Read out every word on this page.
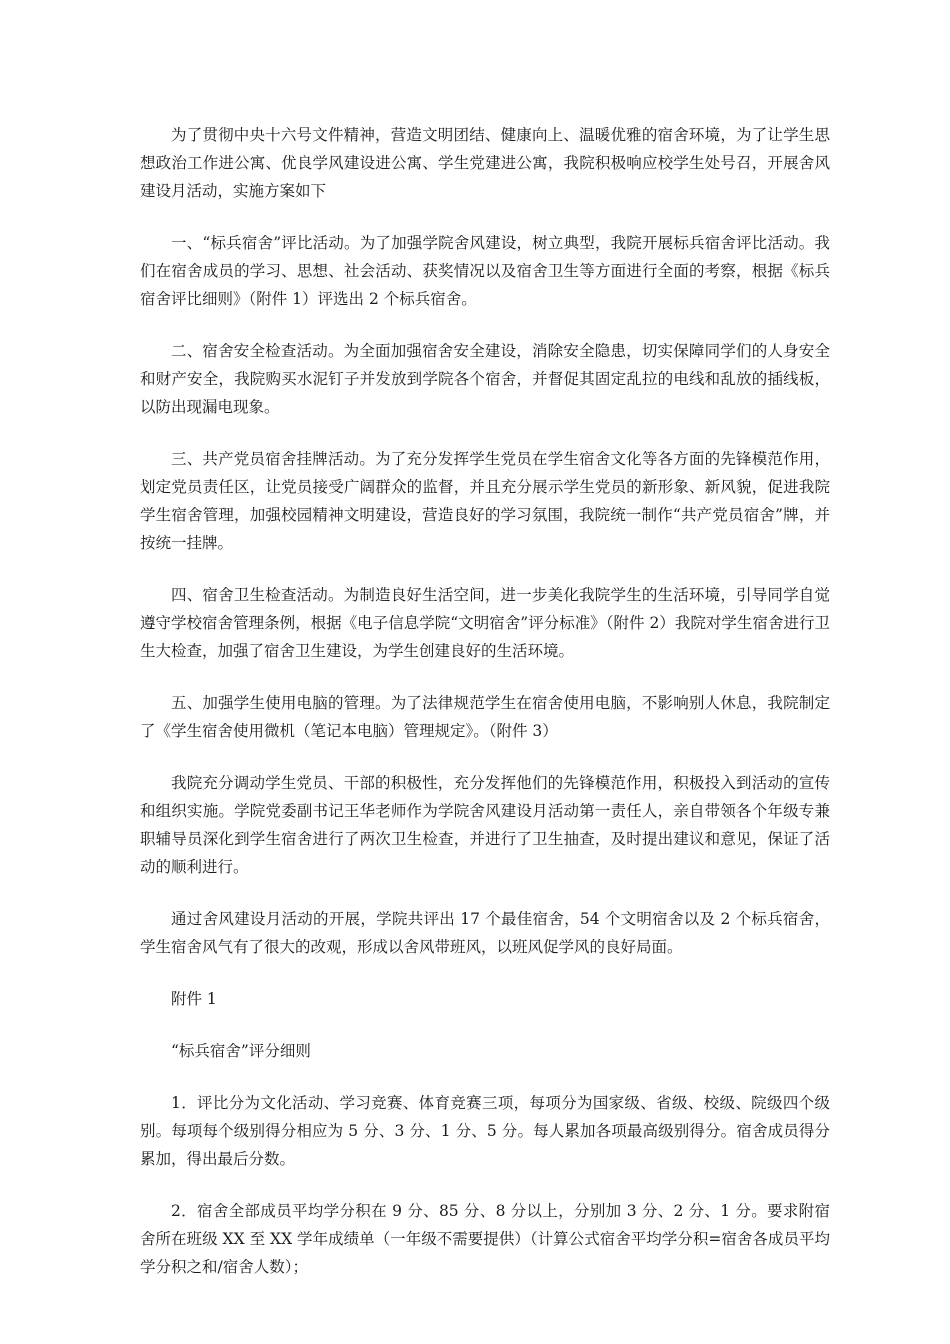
为了贯彻中央十六号文件精神，营造文明团结、健康向上、温暖优雅的宿舍环境，为了让学生思想政治工作进公寓、优良学风建设进公寓、学生党建进公寓，我院积极响应校学生处号召，开展舍风建设月活动，实施方案如下

一、“标兵宿舍”评比活动。为了加强学院舍风建设，树立典型，我院开展标兵宿舍评比活动。我们在宿舍成员的学习、思想、社会活动、获奖情况以及宿舍卫生等方面进行全面的考察，根据《标兵宿舍评比细则》（附件 1）评选出 2 个标兵宿舍。

二、宿舍安全检查活动。为全面加强宿舍安全建设，消除安全隐患，切实保障同学们的人身安全和财产安全，我院购买水泥钉子并发放到学院各个宿舍，并督促其固定乱拉的电线和乱放的插线板，以防出现漏电现象。

三、共产党员宿舍挂牌活动。为了充分发挥学生党员在学生宿舍文化等各方面的先锋模范作用，划定党员责任区，让党员接受广阔群众的监督，并且充分展示学生党员的新形象、新风貌，促进我院学生宿舍管理，加强校园精神文明建设，营造良好的学习氛围，我院统一制作“共产党员宿舍”牌，并按统一挂牌。

四、宿舍卫生检查活动。为制造良好生活空间，进一步美化我院学生的生活环境，引导同学自觉遵守学校宿舍管理条例，根据《电子信息学院“文明宿舍”评分标准》（附件 2）我院对学生宿舍进行卫生大检查，加强了宿舍卫生建设，为学生创建良好的生活环境。

五、加强学生使用电脑的管理。为了法律规范学生在宿舍使用电脑，不影响别人休息，我院制定了《学生宿舍使用微机（笔记本电脑）管理规定》。（附件 3）

我院充分调动学生党员、干部的积极性，充分发挥他们的先锋模范作用，积极投入到活动的宣传和组织实施。学院党委副书记王华老师作为学院舍风建设月活动第一责任人，亲自带领各个年级专兼职辅导员深化到学生宿舍进行了两次卫生检查，并进行了卫生抽查，及时提出建议和意见，保证了活动的顺利进行。

通过舍风建设月活动的开展，学院共评出 17 个最佳宿舍，54 个文明宿舍以及 2 个标兵宿舍，学生宿舍风气有了很大的改观，形成以舍风带班风，以班风促学风的良好局面。

附件 1

“标兵宿舍”评分细则

1．评比分为文化活动、学习竞赛、体育竞赛三项，每项分为国家级、省级、校级、院级四个级别。每项每个级别得分相应为 5 分、3 分、1 分、5 分。每人累加各项最高级别得分。宿舍成员得分累加，得出最后分数。

2．宿舍全部成员平均学分积在 9 分、85 分、8 分以上，分别加 3 分、2 分、1 分。要求附宿舍所在班级 XX 至 XX 学年成绩单（一年级不需要提供）（计算公式宿舍平均学分积=宿舍各成员平均学分积之和/宿舍人数）；
